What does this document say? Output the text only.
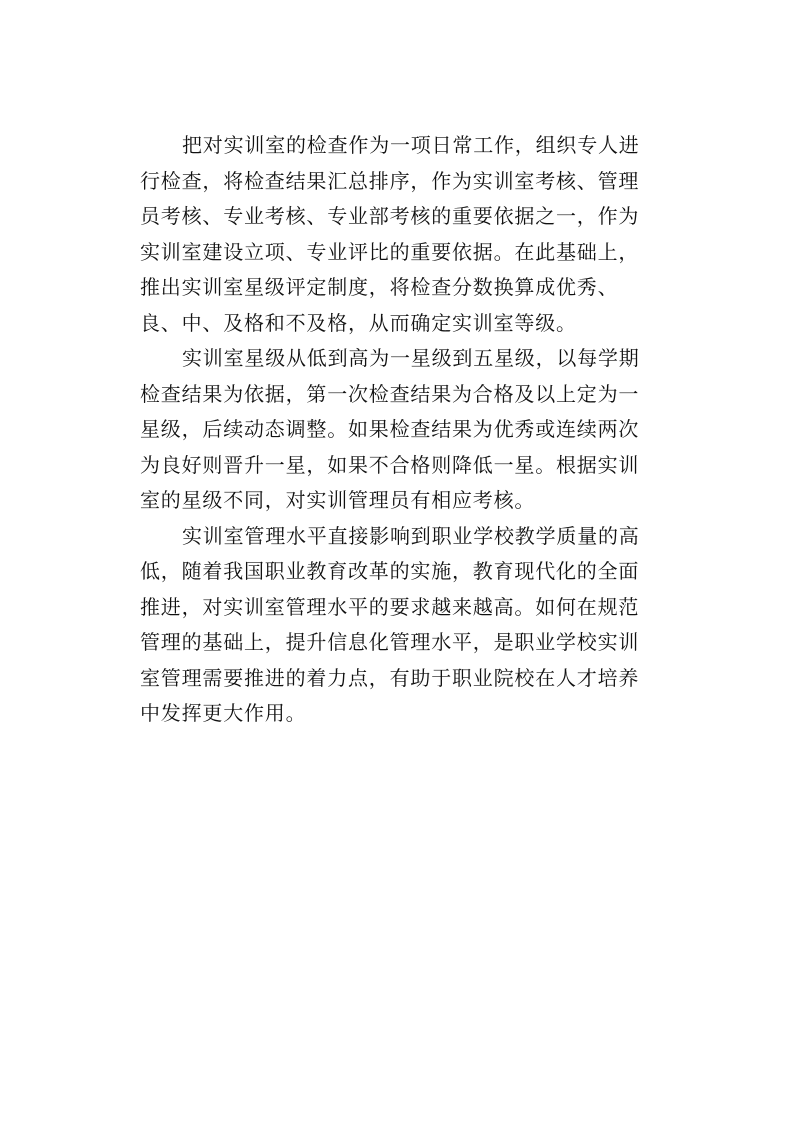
把对实训室的检查作为一项日常工作，组织专人进
行检查，将检查结果汇总排序，作为实训室考核、管理
员考核、专业考核、专业部考核的重要依据之一，作为
实训室建设立项、专业评比的重要依据。在此基础上，
推出实训室星级评定制度，将检查分数换算成优秀、
良、中、及格和不及格，从而确定实训室等级。
实训室星级从低到高为一星级到五星级，以每学期
检查结果为依据，第一次检查结果为合格及以上定为一
星级，后续动态调整。如果检查结果为优秀或连续两次
为良好则晋升一星，如果不合格则降低一星。根据实训
室的星级不同，对实训管理员有相应考核。
实训室管理水平直接影响到职业学校教学质量的高
低，随着我国职业教育改革的实施，教育现代化的全面
推进，对实训室管理水平的要求越来越高。如何在规范
管理的基础上，提升信息化管理水平，是职业学校实训
室管理需要推进的着力点，有助于职业院校在人才培养
中发挥更大作用。
